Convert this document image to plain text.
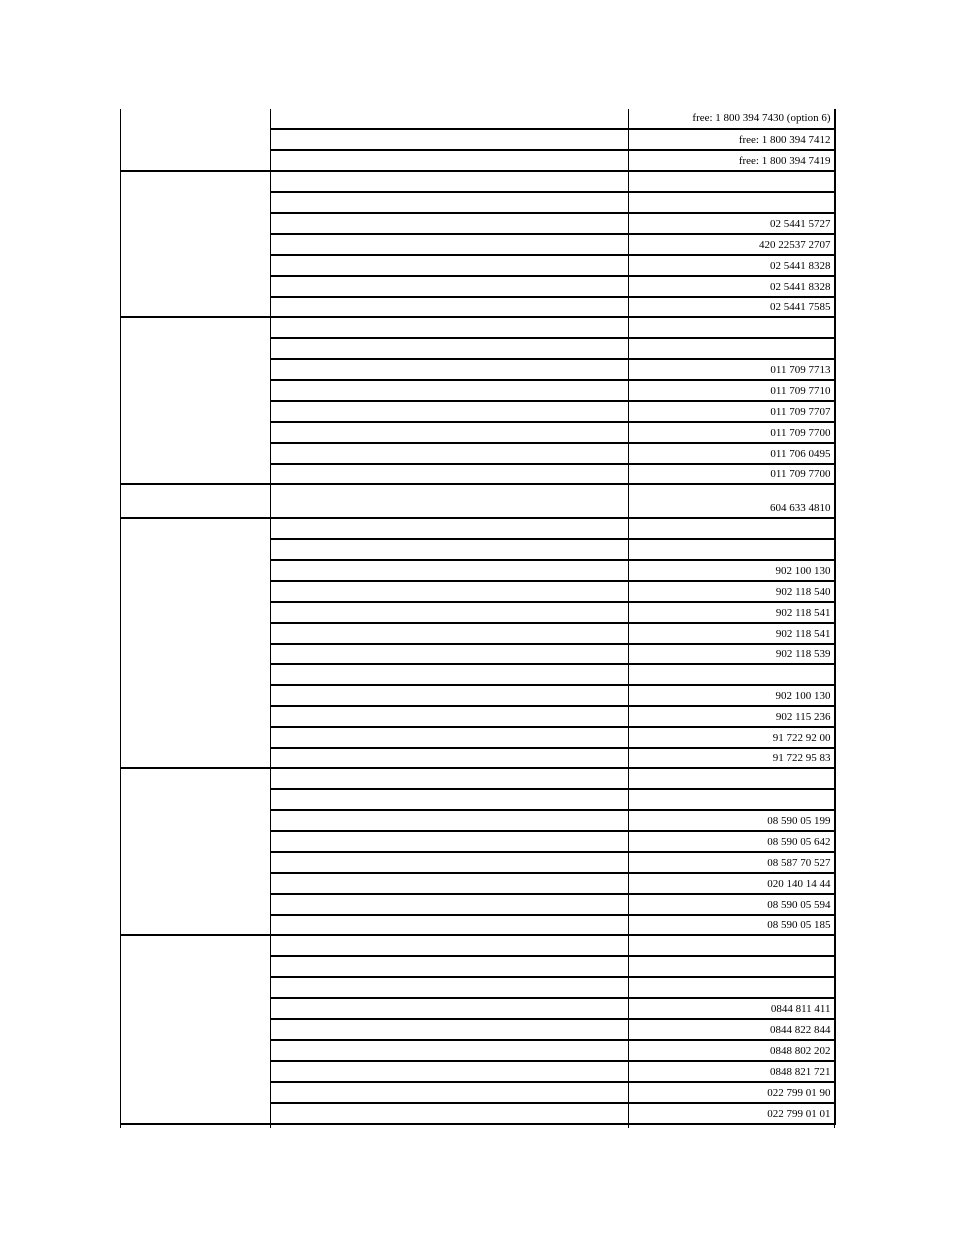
		free: 1 800 394 7430 (option 6)
		free: 1 800 394 7412
		free: 1 800 394 7419

		02 5441 5727
		420 22537 2707
		02 5441 8328
		02 5441 8328
		02 5441 7585

		011 709 7713
		011 709 7710
		011 709 7707
		011 709 7700
		011 706 0495
		011 709 7700
		604 633 4810

		902 100 130
		902 118 540
		902 118 541
		902 118 541
		902 118 539

		902 100 130
		902 115 236
		91 722 92 00
		91 722 95 83

		08 590 05 199
		08 590 05 642
		08 587 70 527
		020 140 14 44
		08 590 05 594
		08 590 05 185

		0844 811 411
		0844 822 844
		0848 802 202
		0848 821 721
		022 799 01 90
		022 799 01 01
